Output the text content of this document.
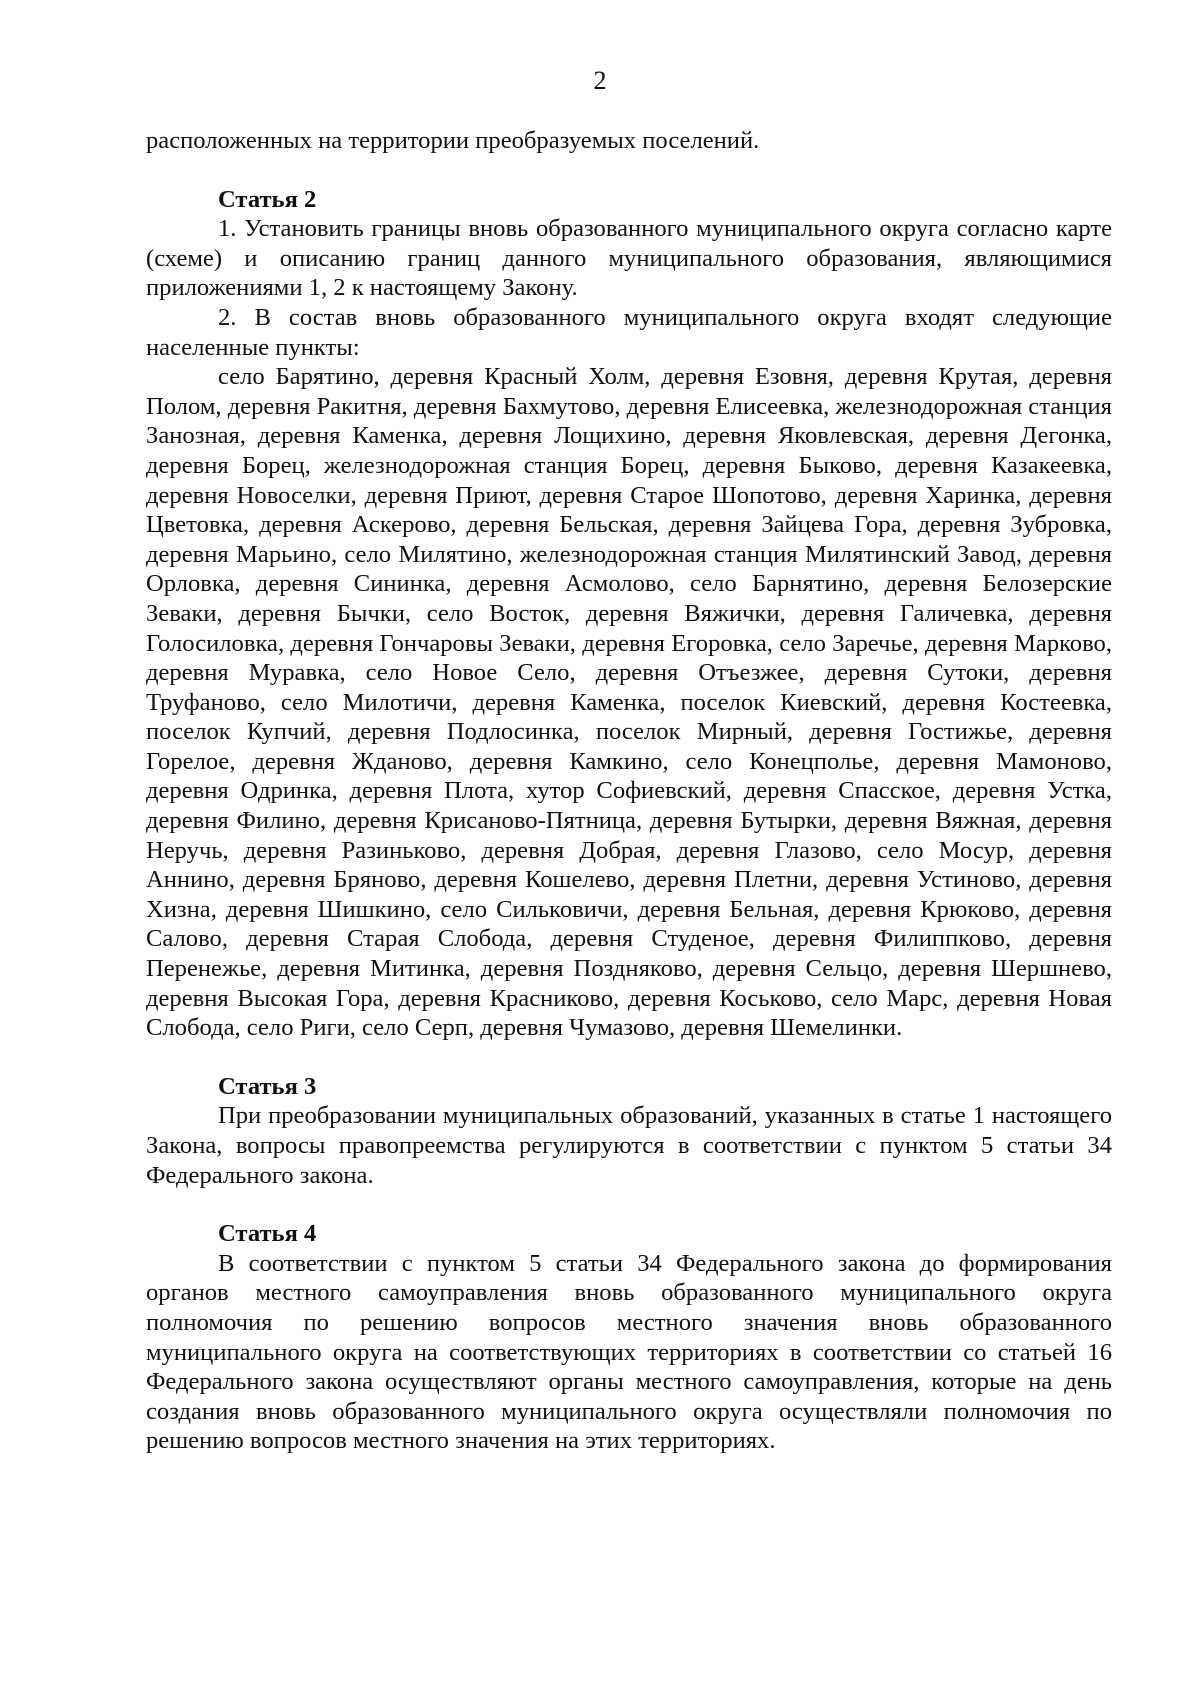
2

расположенных на территории преобразуемых поселений.

Статья 2

1. Установить границы вновь образованного муниципального округа согласно карте (схеме) и описанию границ данного муниципального образования, являющимися приложениями 1, 2 к настоящему Закону.

2. В состав вновь образованного муниципального округа входят следующие населенные пункты:

село Барятино, деревня Красный Холм, деревня Езовня, деревня Крутая, деревня Полом, деревня Ракитня, деревня Бахмутово, деревня Елисеевка, железнодорожная станция Занозная, деревня Каменка, деревня Лощихино, деревня Яковлевская, деревня Дегонка, деревня Борец, железнодорожная станция Борец, деревня Быково, деревня Казакеевка, деревня Новоселки, деревня Приют, деревня Старое Шопотово, деревня Харинка, деревня Цветовка, деревня Аскерово, деревня Бельская, деревня Зайцева Гора, деревня Зубровка, деревня Марьино, село Милятино, железнодорожная станция Милятинский Завод, деревня Орловка, деревня Сининка, деревня Асмолово, село Барнятино, деревня Белозерские Зеваки, деревня Бычки, село Восток, деревня Вяжички, деревня Галичевка, деревня Голосиловка, деревня Гончаровы Зеваки, деревня Егоровка, село Заречье, деревня Марково, деревня Муравка, село Новое Село, деревня Отъезжее, деревня Сутоки, деревня Труфаново, село Милотичи, деревня Каменка, поселок Киевский, деревня Костеевка, поселок Купчий, деревня Подлосинка, поселок Мирный, деревня Гостижье, деревня Горелое, деревня Жданово, деревня Камкино, село Конецполье, деревня Мамоново, деревня Одринка, деревня Плота, хутор Софиевский, деревня Спасское, деревня Устка, деревня Филино, деревня Крисаново-Пятница, деревня Бутырки, деревня Вяжная, деревня Неручь, деревня Разиньково, деревня Добрая, деревня Глазово, село Мосур, деревня Аннино, деревня Бряново, деревня Кошелево, деревня Плетни, деревня Устиново, деревня Хизна, деревня Шишкино, село Сильковичи, деревня Бельная, деревня Крюково, деревня Салово, деревня Старая Слобода, деревня Студеное, деревня Филиппково, деревня Перенежье, деревня Митинка, деревня Поздняково, деревня Сельцо, деревня Шершнево, деревня Высокая Гора, деревня Красниково, деревня Коськово, село Марс, деревня Новая Слобода, село Риги, село Серп, деревня Чумазово, деревня Шемелинки.

Статья 3

При преобразовании муниципальных образований, указанных в статье 1 настоящего Закона, вопросы правопреемства регулируются в соответствии с пунктом 5 статьи 34 Федерального закона.

Статья 4

В соответствии с пунктом 5 статьи 34 Федерального закона до формирования органов местного самоуправления вновь образованного муниципального округа полномочия по решению вопросов местного значения вновь образованного муниципального округа на соответствующих территориях в соответствии со статьей 16 Федерального закона осуществляют органы местного самоуправления, которые на день создания вновь образованного муниципального округа осуществляли полномочия по решению вопросов местного значения на этих территориях.
